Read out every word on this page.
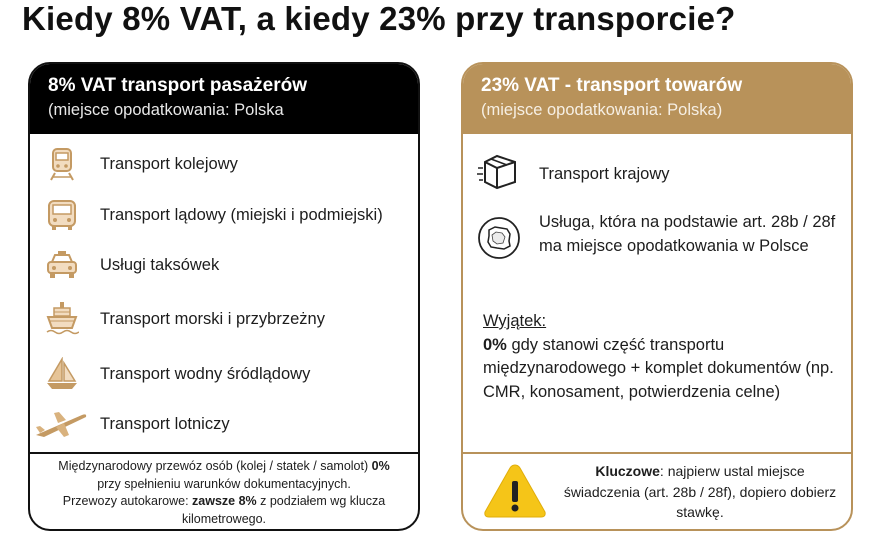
Kiedy 8% VAT, a kiedy 23% przy transporcie?
8% VAT transport pasażerów
(miejsce opodatkowania: Polska
Transport kolejowy
Transport lądowy (miejski i podmiejski)
Usługi taksówek
Transport morski i przybrzeżny
Transport wodny śródlądowy
Transport lotniczy
Międzynarodowy przewóz osób (kolej / statek / samolot) 0%
przy spełnieniu warunków dokumentacyjnych.
Przewozy autokarowe: zawsze 8% z podziałem wg klucza
kilometrowego.
23% VAT - transport towarów
(miejsce opodatkowania: Polska)
Transport krajowy
Usługa, która na podstawie art. 28b / 28f ma miejsce opodatkowania w Polsce
Wyjątek:
0% gdy stanowi część transportu międzynarodowego + komplet dokumentów (np. CMR, konosament, potwierdzenia celne)
Kluczowe: najpierw ustal miejsce świadczenia (art. 28b / 28f), dopiero dobierz stawkę.
